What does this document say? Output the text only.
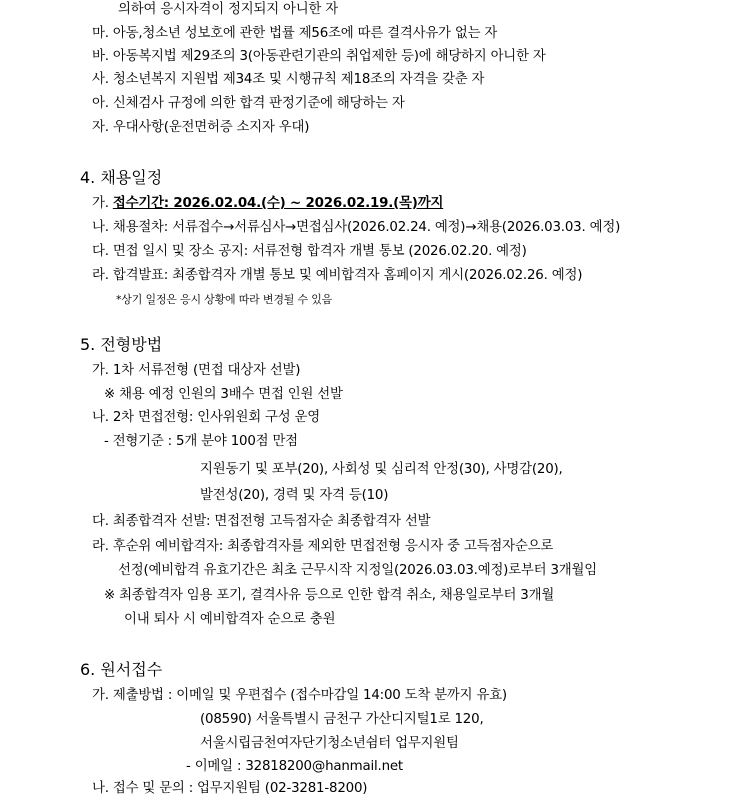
의하여 응시자격이 정지되지 아니한 자
마. 아동,청소년 성보호에 관한 법률 제56조에 따른 결격사유가 없는 자
바. 아동복지법 제29조의 3(아동관련기관의 취업제한 등)에 해당하지 아니한 자
사. 청소년복지 지원법 제34조 및 시행규칙 제18조의 자격을 갖춘 자
아. 신체검사 규정에 의한 합격 판정기준에 해당하는 자
자. 우대사항(운전면허증 소지자 우대)
4. 채용일정
가. 접수기간: 2026.02.04.(수) ~ 2026.02.19.(목)까지
나. 채용절차: 서류접수→서류심사→면접심사(2026.02.24. 예정)→채용(2026.03.03. 예정)
다. 면접 일시 및 장소 공지: 서류전형 합격자 개별 통보 (2026.02.20. 예정)
라. 합격발표: 최종합격자 개별 통보 및 예비합격자 홈페이지 게시(2026.02.26. 예정)
*상기 일정은 응시 상황에 따라 변경될 수 있음
5. 전형방법
가. 1차 서류전형 (면접 대상자 선발)
※ 채용 예정 인원의 3배수 면접 인원 선발
나. 2차 면접전형: 인사위원회 구성 운영
- 전형기준 : 5개 분야 100점 만점
지원동기 및 포부(20), 사회성 및 심리적 안정(30), 사명감(20),
발전성(20), 경력 및 자격 등(10)
다. 최종합격자 선발: 면접전형 고득점자순 최종합격자 선발
라. 후순위 예비합격자: 최종합격자를 제외한 면접전형 응시자 중 고득점자순으로
선정(예비합격 유효기간은 최초 근무시작 지정일(2026.03.03.예정)로부터 3개월임
※ 최종합격자 임용 포기, 결격사유 등으로 인한 합격 취소, 채용일로부터 3개월
이내 퇴사 시 예비합격자 순으로 충원
6. 원서접수
가. 제출방법 : 이메일 및 우편접수 (접수마감일 14:00 도착 분까지 유효)
(08590) 서울특별시 금천구 가산디지털1로 120,
서울시립금천여자단기청소년쉼터 업무지원팀
- 이메일 : 32818200@hanmail.net
나. 접수 및 문의 : 업무지원팀 (02-3281-8200)
